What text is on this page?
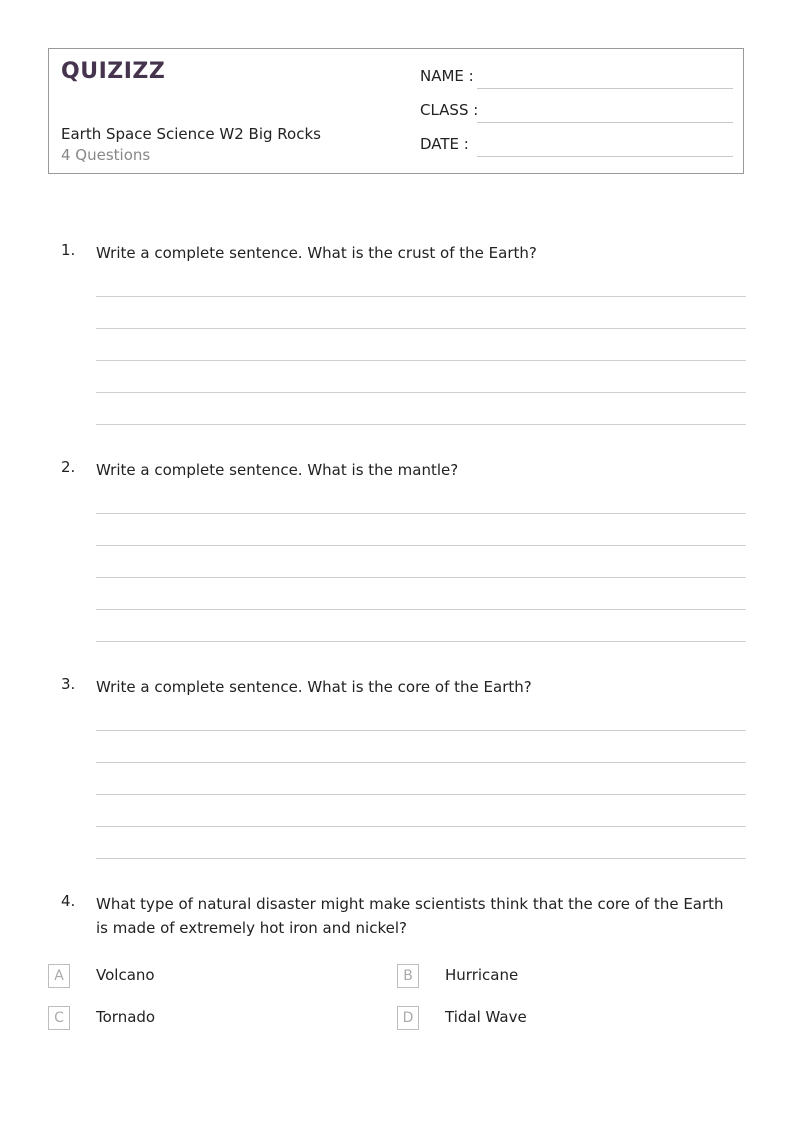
QUIZIZZ
Earth Space Science W2 Big Rocks
4 Questions
NAME :
CLASS :
DATE :
1. Write a complete sentence. What is the crust of the Earth?
2. Write a complete sentence. What is the mantle?
3. Write a complete sentence. What is the core of the Earth?
4. What type of natural disaster might make scientists think that the core of the Earth is made of extremely hot iron and nickel?
A	Volcano	B	Hurricane
C	Tornado	D	Tidal Wave
